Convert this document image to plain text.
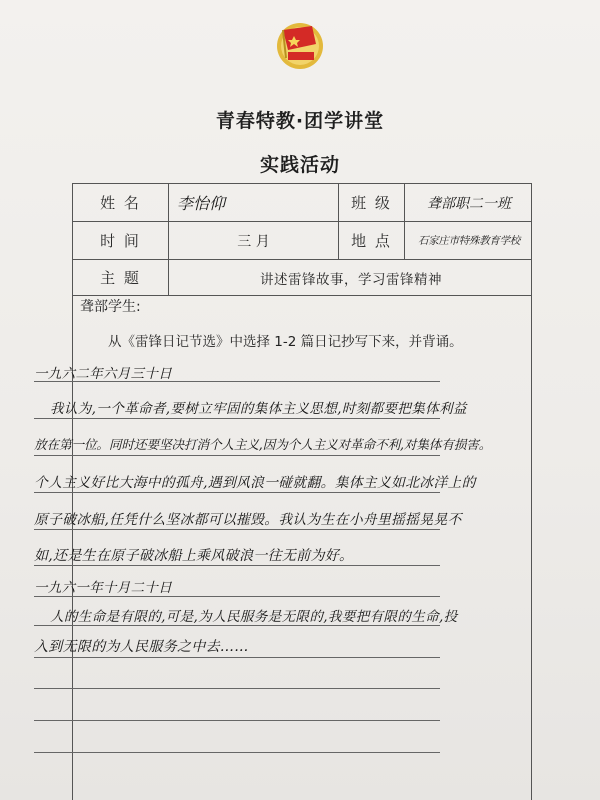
青春特教·团学讲堂
实践活动
姓 名	李怡仰	班 级	聋部职二一班
时 间	三 月	地 点	石家庄市特殊教育学校
主 题	讲述雷锋故事，学习雷锋精神
聋部学生:
从《雷锋日记节选》中选择 1-2 篇日记抄写下来，并背诵。
一九六二年六月三十日
我认为,一个革命者,要树立牢固的集体主义思想,时刻都要把集体利益
放在第一位。同时还要坚决打消个人主义,因为个人主义对革命不利,对集体有损害。
个人主义好比大海中的孤舟,遇到风浪一碰就翻。集体主义如北冰洋上的
原子破冰船,任凭什么坚冰都可以摧毁。我认为生在小舟里摇摇晃晃不
如,还是生在原子破冰船上乘风破浪一往无前为好。
一九六一年十月二十日
人的生命是有限的,可是,为人民服务是无限的,我要把有限的生命,投
入到无限的为人民服务之中去……
